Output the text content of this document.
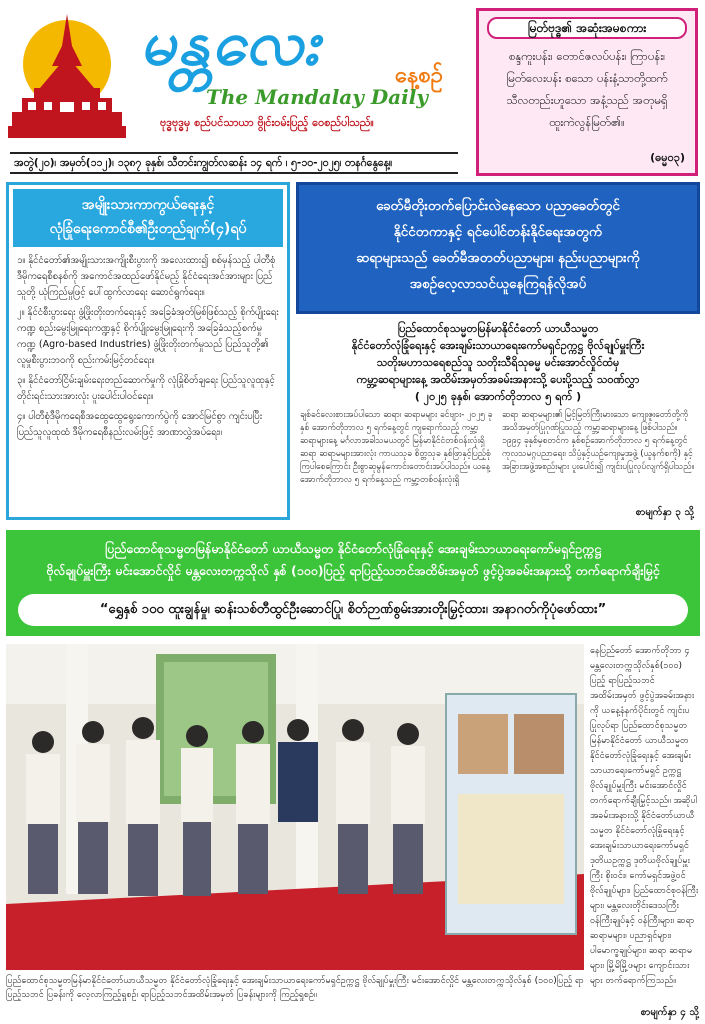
မန္တလေး	နေ့စဉ်
The Mandalay Daily
ဗုဒ္ဓဗုဒ္ဓမှ စည်ပင်သာယာ ဗွိုင်းဝမ်းပြည့် ဝေစည်ပါသည်။
အတွဲ(၂၀)၊ အမှတ်(၁၁၂)၊ ၁၃၈၇ ခုနှစ်၊ သီတင်းကျွတ်လဆန်း ၁၄ ရက် ၊ ၅-၁၀-၂၀၂၅၊ တနင်္ဂနွေနေ့။
မြတ်ဗုဒ္ဓ၏ အဆုံးအမစကား
စန္ဒကူးပန်း၊ တောင်ဇလပ်ပန်း၊ ကြာပန်း၊
မြတ်လေးပန်း စသော ပန်းနံ့သာတို့ထက်
သီလတည်းဟူသော အနံ့သည် အတုမရှိ
ထူးကဲလွန်မြတ်၏။
(ဓမ္မ၀၃)
အမျိုးသားကာကွယ်ရေးနှင့်
လုံခြုံရေးကောင်စီ၏ဦးတည်ချက်(၄)ရပ်
၁။ နိုင်ငံတော်၏အမျိုးသားအကျိုးစီးပွားကို အလေးထား၍ စစ်မှန်သည့် ပါတီစုံဒီမိုကရေစီစနစ်ကို အကောင်အထည်ဖော်နိုင်မည့် နိုင်ငံရေးအင်အားများ ပြည်သူတို့ ယုံကြည်မှုဖြင့် ပေါ်ထွက်လာရေး ဆောင်ရွက်ရေး။
၂။ နိုင်ငံစီးပွားရေး ဖွံ့ဖြိုးတိုးတက်ရေးနှင့် အခြေခံအုတ်မြစ်ဖြစ်သည့် စိုက်ပျိုးရေးကဏ္ဍ စည်းမွေးမြူရေးကဏ္ဍနှင့် စိုက်ပျိုးမွေးမြူရေးကို အခြေခံသည့်စက်မှုကဏ္ဍ (Agro-based Industries) ဖွံ့ဖြိုးတိုးတက်မှုသည် ပြည်သူတို့၏ လူမှုစီးပွားဘဝကို စည်းကမ်းမြင့်တင်ရေး။
၃။ နိုင်ငံတော်ငြိမ်းချမ်းရေးတည်ဆောက်မှုကို လုံခြုံစိတ်ချရေး ပြည်သူလူထုနှင့် တိုင်းရင်းသားအားလုံး ပူးပေါင်းပါဝင်ရေး။
၄။ ပါတီစုံဒီမိုကရေစီအထွေထွေရွေးကောက်ပွဲကို အောင်မြင်စွာ ကျင်းပပြီး ပြည်သူလူထုထံ ဒီမိုကရေစီနည်းလမ်းဖြင့် အာဏာလွှဲအပ်ရေး။
ခေတ်မီတိုးတက်ပြောင်းလဲနေသော ပညာခေတ်တွင်
နိုင်ငံတကာနှင့် ရင်ပေါင်တန်းနိုင်ရေးအတွက်
ဆရာများသည် ခေတ်မီအတတ်ပညာများ၊ နည်းပညာများကို
အစဉ်လေ့လာသင်ယူနေကြရန်လိုအပ်
ပြည်ထောင်စုသမ္မတမြန်မာနိုင်ငံတော် ယာယီသမ္မတ
နိုင်ငံတော်လုံခြုံရေးနှင့် အေးချမ်းသာယာရေးကော်မရှင်ဥက္ကဋ္ဌ ဗိုလ်ချုပ်မှူးကြီး
သတိုးမဟာသရေစည်သူ သတိုးသီရိသုဓမ္မ မင်းအောင်လှိုင်ထံမှ
ကမ္ဘာ့ဆရာများနေ့ အထိမ်းအမှတ်အခမ်းအနားသို့ ပေးပို့သည့် သဝဏ်လွှာ
( ၂၀၂၅ ခုနှစ်၊ အောက်တိုဘာလ ၅ ရက် )
ချစ်ခင်လေးစားအပ်ပါသော ဆရာ၊ ဆရာမများ ခင်ဗျား- ၂၀၂၅ ခုနှစ် အောက်တိုဘာလ ၅ ရက်နေ့တွင် ကျရောက်သည့် ကမ္ဘာ့ဆရာများနေ့ မင်္ဂလာအခါသမယတွင် မြန်မာနိုင်ငံတစ်ဝန်းလုံးရှိ ဆရာ ဆရာမများအားလုံး ကာယသုခ စိတ္တသုခ နှစ်ဖြာနှင့်ပြည့်စုံကြပါစေကြောင်း ဦးစွာဆုမွန်ကောင်းတောင်းအပ်ပါသည်။ ယနေ့ အောက်တိုဘာလ ၅ ရက်နေ့သည် ကမ္ဘာ့တစ်ဝန်းလုံးရှိ
ဆရာ ဆရာမများ၏ မြင့်မြတ်ကြီးမားသော ကျေးဇူးတော်တို့ကို အသိအမှတ်ပြုဂုဏ်ပြုသည့် ကမ္ဘာ့ဆရာများနေ့ ဖြစ်ပါသည်။ ၁၉၉၄ ခုနှစ်မှစတင်က နှစ်စဉ်အောက်တိုဘာလ ၅ ရက်နေ့တွင် ကုလသမဂ္ဂပညာရေး၊ သိပ္ပံနှင့်ယဉ်ကျေးမှုအဖွဲ့ (ယူနက်စကို) နှင့် အခြားအဖွဲ့အစည်းများ ပူးပေါင်း၍ ကျင်းပပြုလုပ်လျက်ရှိပါသည်။
စာမျက်နှာ ၃ သို့
ပြည်ထောင်စုသမ္မတမြန်မာနိုင်ငံတော် ယာယီသမ္မတ နိုင်ငံတော်လုံခြုံရေးနှင့် အေးချမ်းသာယာရေးကော်မရှင်ဥက္ကဋ္ဌ
ဗိုလ်ချုပ်မှူးကြီး မင်းအောင်လှိုင် မန္တလေးတက္ကသိုလ် နှစ် (၁၀၀)ပြည့် ရာပြည့်သဘင်အထိမ်းအမှတ် ဖွင့်ပွဲအခမ်းအနားသို့ တက်ရောက်ချီးမြှင့်
“ရွှေနှစ် ၁၀၀ ထူးချွန်မှု၊ ဆန်းသစ်တီထွင်ဦးဆောင်ပြု၊ စိတ်ဉာဏ်စွမ်းအားတိုးမြှင့်ထား၊ အနာဂတ်ကိုပုံဖော်ထား”
ပြည်ထောင်စုသမ္မတမြန်မာနိုင်ငံတော်ယာယီသမ္မတ နိုင်ငံတော်လုံခြုံရေးနှင့် အေးချမ်းသာယာရေးကော်မရှင်ဥက္ကဋ္ဌ ဗိုလ်ချုပ်မှူးကြီး မင်းအောင်လှိုင် မန္တလေးတက္ကသိုလ်နှစ် (၁၀၀)ပြည့် ရာပြည့်သဘင် ပြခန်းကို လေ့လာကြည့်ရှုစဉ်၊ ရာပြည့်သဘင်အထိမ်းအမှတ် ပြခန်းများကို ကြည့်ရှုစဉ်။
နေပြည်တော် အောက်တိုဘာ ၄ မန္တလေးတက္ကသိုလ်နှစ်(၁၀၀) ပြည့် ရာပြည့်သဘင် အထိမ်းအမှတ် ဖွင့်ပွဲအခမ်းအနားကို ယနေ့နံနက်ပိုင်းတွင် ကျင်းပပြုလုပ်ရာ ပြည်ထောင်စုသမ္မတမြန်မာနိုင်ငံတော် ယာယီသမ္မတ နိုင်ငံတော်လုံခြုံရေးနှင့် အေးချမ်းသာယာရေးကော်မရှင် ဥက္ကဋ္ဌ ဗိုလ်ချုပ်မှူးကြီး မင်းအောင်လှိုင် တက်ရောက်ချီးမြှင့်သည်။ အဆိုပါ အခမ်းအနားသို့ နိုင်ငံတော်ယာယီသမ္မတ နိုင်ငံတော်လုံခြုံရေးနှင့်အေးချမ်းသာယာရေးကော်မရှင် ဒုတိယဥက္ကဋ္ဌ ဒုတိယဗိုလ်ချုပ်မှူးကြီး စိုးဝင်း၊ ကော်မရှင်အဖွဲ့ဝင် ဗိုလ်ချုပ်များ၊ ပြည်ထောင်စုဝန်ကြီးများ၊ မန္တလေးတိုင်းဒေသကြီး ဝန်ကြီးချုပ်နှင့် ဝန်ကြီးများ၊ ဆရာ ဆရာမများ၊ ပညာရှင်များ၊ ပါမောက္ခချုပ်များ၊ ဆရာ ဆရာမများ၊ မြို့မိမြို့ဖများ ကျောင်းသားများ တက်ရောက်ကြသည်။
စာမျက်နှာ ၄ သို့
